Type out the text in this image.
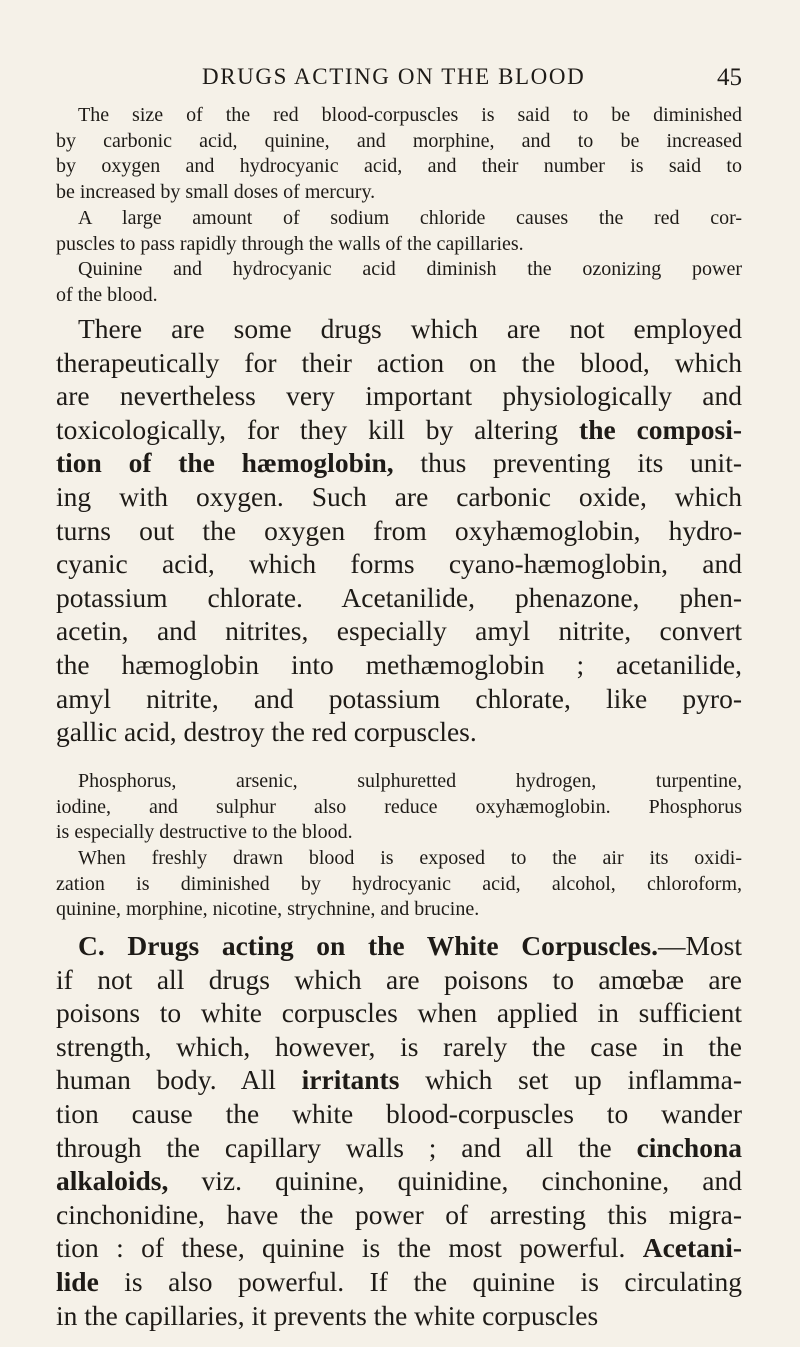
DRUGS ACTING ON THE BLOOD	45
The size of the red blood-corpuscles is said to be diminished
by carbonic acid, quinine, and morphine, and to be increased
by oxygen and hydrocyanic acid, and their number is said to
be increased by small doses of mercury.
A large amount of sodium chloride causes the red cor-
puscles to pass rapidly through the walls of the capillaries.
Quinine and hydrocyanic acid diminish the ozonizing power
of the blood.
There are some drugs which are not employed
therapeutically for their action on the blood, which
are nevertheless very important physiologically and
toxicologically, for they kill by altering the composi-
tion of the hæmoglobin, thus preventing its unit-
ing with oxygen. Such are carbonic oxide, which
turns out the oxygen from oxyhæmoglobin, hydro-
cyanic acid, which forms cyano-hæmoglobin, and
potassium chlorate. Acetanilide, phenazone, phen-
acetin, and nitrites, especially amyl nitrite, convert
the hæmoglobin into methæmoglobin ; acetanilide,
amyl nitrite, and potassium chlorate, like pyro-
gallic acid, destroy the red corpuscles.
Phosphorus, arsenic, sulphuretted hydrogen, turpentine,
iodine, and sulphur also reduce oxyhæmoglobin. Phosphorus
is especially destructive to the blood.
When freshly drawn blood is exposed to the air its oxidi-
zation is diminished by hydrocyanic acid, alcohol, chloroform,
quinine, morphine, nicotine, strychnine, and brucine.
C. Drugs acting on the White Corpuscles.—Most
if not all drugs which are poisons to amœbæ are
poisons to white corpuscles when applied in sufficient
strength, which, however, is rarely the case in the
human body. All irritants which set up inflamma-
tion cause the white blood-corpuscles to wander
through the capillary walls ; and all the cinchona
alkaloids, viz. quinine, quinidine, cinchonine, and
cinchonidine, have the power of arresting this migra-
tion : of these, quinine is the most powerful. Acetani-
lide is also powerful. If the quinine is circulating
in the capillaries, it prevents the white corpuscles
